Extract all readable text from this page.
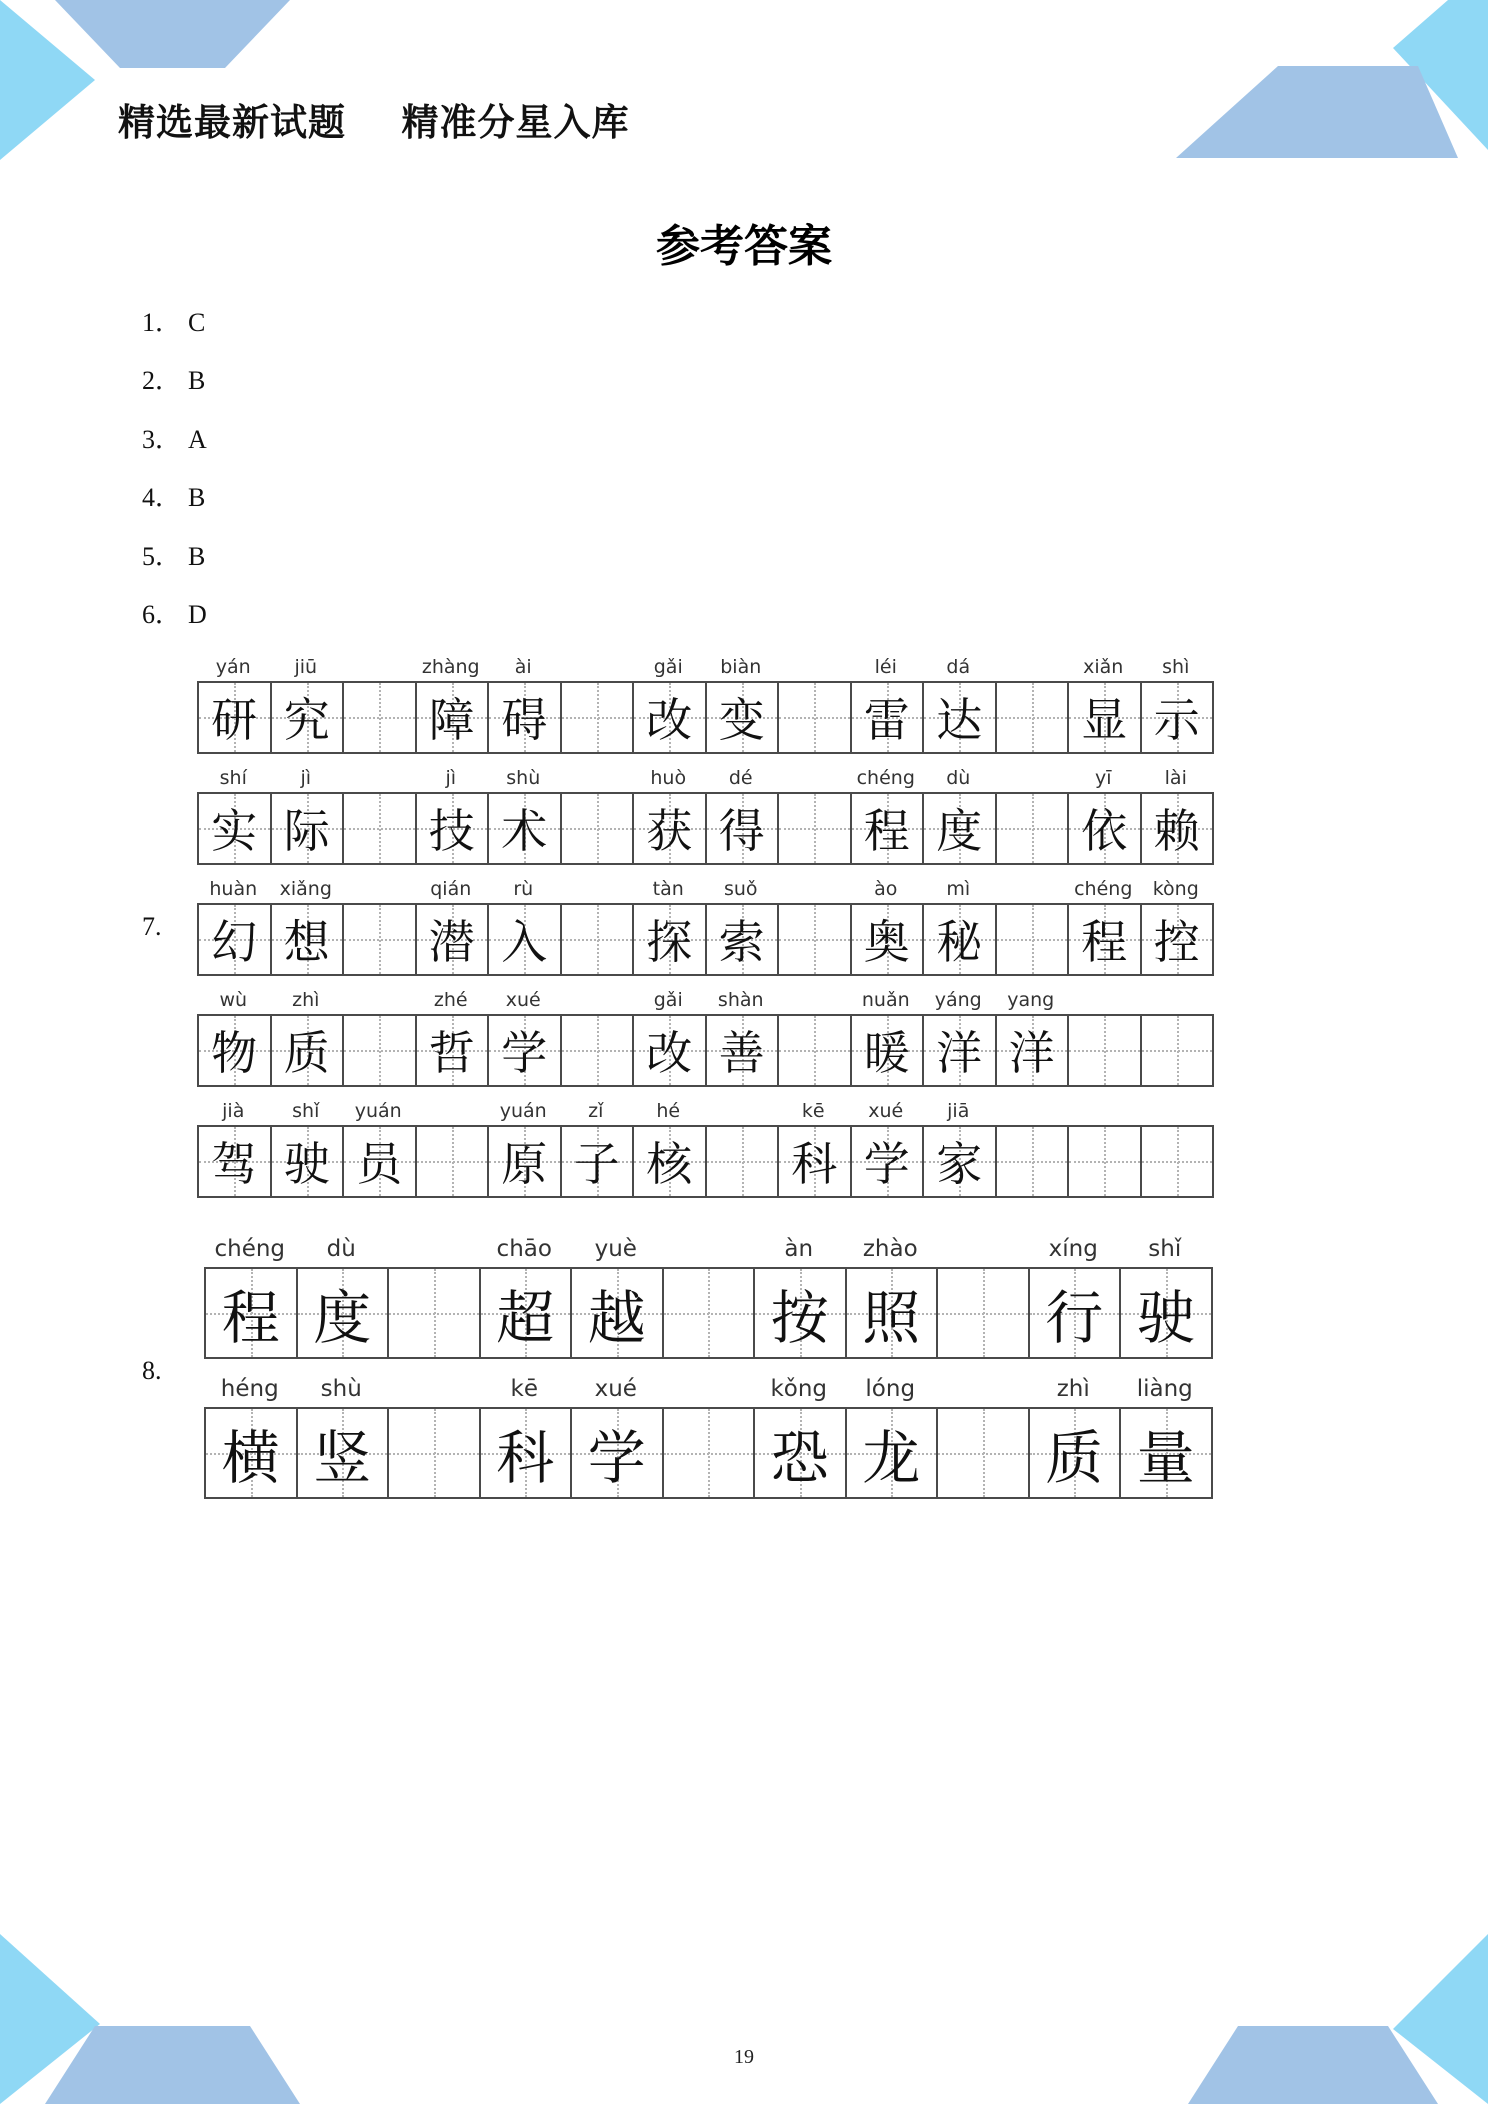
精选最新试题    精准分星入库
参考答案
1． C
2． B
3． A
4． B
5． B
6． D
7.
yán	jiū	zhàng	ài	gǎi	biàn	léi	dá	xiǎn	shì
研 究 障 碍 改 变 雷 达 显 示
shí	jì	jì	shù	huò	dé	chéng	dù	yī	lài
实 际 技 术 获 得 程 度 依 赖
huàn	xiǎng	qián	rù	tàn	suǒ	ào	mì	chéng	kòng
幻 想 潜 入 探 索 奥 秘 程 控
wù	zhì	zhé	xué	gǎi	shàn	nuǎn	yáng	yang
物 质 哲 学 改 善 暖 洋 洋
jià	shǐ	yuán	yuán	zǐ	hé	kē	xué	jiā
驾 驶 员 原 子 核 科 学 家
8.
chéng	dù	chāo	yuè	àn	zhào	xíng	shǐ
程 度 超 越 按 照 行 驶
héng	shù	kē	xué	kǒng	lóng	zhì	liàng
横 竖 科 学 恐 龙 质 量
19
